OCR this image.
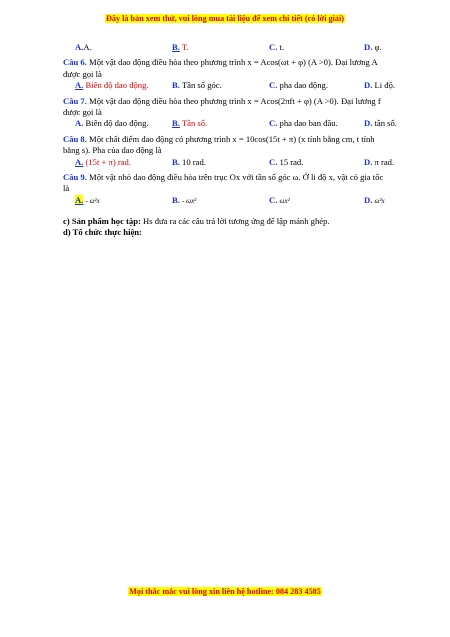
Đây là bản xem thử, vui lòng mua tài liệu để xem chi tiết (có lời giải)
A.A.	B. T.	C. t.	D. φ.
Câu 6. Một vật dao động điều hòa theo phương trình x = Acos(ωt + φ) (A >0). Đại lương A được gọi là
A. Biên độ dao động.	B. Tần số góc.	C. pha dao động.	D. Li độ.
Câu 7. Một vật dao động điều hòa theo phương trình x = Acos(2πft + φ) (A >0). Đại lương f được gọi là
A. Biên độ dao động.	B. Tần số.	C. pha dao ban đầu.	D. tần số.
Câu 8. Một chất điểm dao động có phương trình x = 10cos(15t + π) (x tính bằng cm, t tính bằng s). Pha của dao động là
A. (15t + π) rad.	B. 10 rad.	C. 15 rad.	D. π rad.
Câu 9. Một vật nhỏ dao động điều hòa trên trục Ox với tần số góc ω. Ở li độ x, vật có gia tốc là
A. - ω²x	B. - ωx²	C. ωx²	D. ω²x
c) Sản phẩm học tập: Hs đưa ra các câu trả lời tương ứng để lập mảnh ghép.
d) Tổ chức thực hiện:
Mọi thắc mắc vui lòng xin liên hệ hotline: 084 283 4585
